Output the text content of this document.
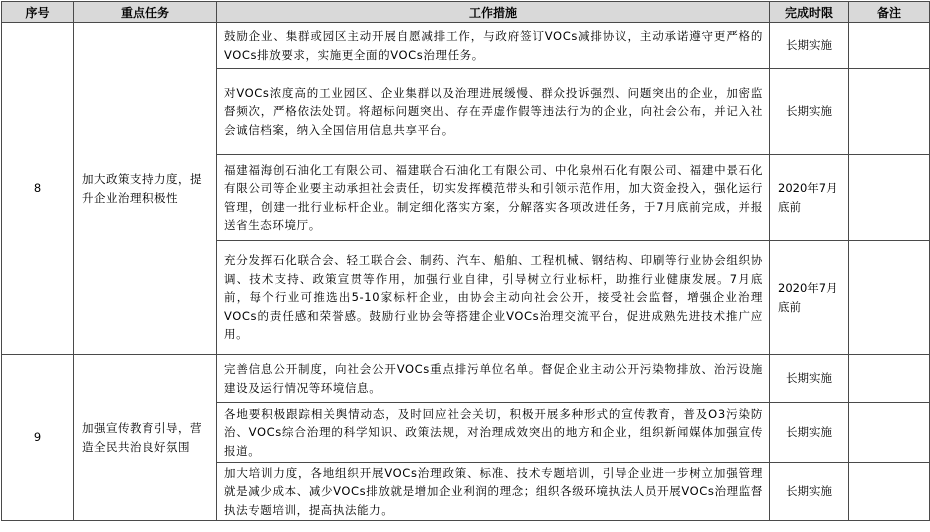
序号	重点任务	工作措施	完成时限	备注
8	加大政策支持力度，提升企业治理积极性	鼓励企业、集群或园区主动开展自愿减排工作，与政府签订VOCs减排协议，主动承诺遵守更严格的VOCs排放要求，实施更全面的VOCs治理任务。	长期实施	
		对VOCs浓度高的工业园区、企业集群以及治理进展缓慢、群众投诉强烈、问题突出的企业，加密监督频次，严格依法处罚。将超标问题突出、存在弄虚作假等违法行为的企业，向社会公布，并记入社会诚信档案，纳入全国信用信息共享平台。	长期实施	
		福建福海创石油化工有限公司、福建联合石油化工有限公司、中化泉州石化有限公司、福建中景石化有限公司等企业要主动承担社会责任，切实发挥模范带头和引领示范作用，加大资金投入，强化运行管理，创建一批行业标杆企业。制定细化落实方案，分解落实各项改进任务，于7月底前完成，并报送省生态环境厅。	2020年7月底前	
		充分发挥石化联合会、轻工联合会、制药、汽车、船舶、工程机械、钢结构、印刷等行业协会组织协调、技术支持、政策宣贯等作用，加强行业自律，引导树立行业标杆，助推行业健康发展。7月底前，每个行业可推选出5-10家标杆企业，由协会主动向社会公开，接受社会监督，增强企业治理VOCs的责任感和荣誉感。鼓励行业协会等搭建企业VOCs治理交流平台，促进成熟先进技术推广应用。	2020年7月底前	
9	加强宣传教育引导，营造全民共治良好氛围	完善信息公开制度，向社会公开VOCs重点排污单位名单。督促企业主动公开污染物排放、治污设施建设及运行情况等环境信息。	长期实施	
		各地要积极跟踪相关舆情动态，及时回应社会关切，积极开展多种形式的宣传教育，普及O3污染防治、VOCs综合治理的科学知识、政策法规，对治理成效突出的地方和企业，组织新闻媒体加强宣传报道。	长期实施	
		加大培训力度，各地组织开展VOCs治理政策、标准、技术专题培训，引导企业进一步树立加强管理就是减少成本、减少VOCs排放就是增加企业利润的理念；组织各级环境执法人员开展VOCs治理监督执法专题培训，提高执法能力。	长期实施	
